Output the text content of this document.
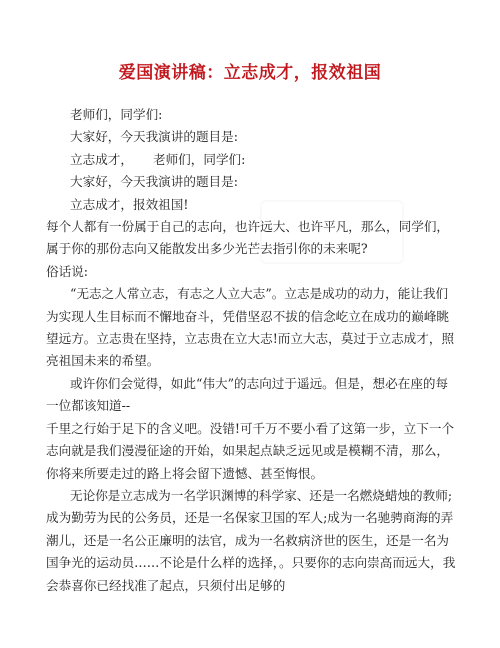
爱国演讲稿：立志成才，报效祖国

老师们，同学们:

大家好，今天我演讲的题目是:

立志成才， 老师们，同学们:

大家好，今天我演讲的题目是:

立志成才，报效祖国!

每个人都有一份属于自己的志向，也许远大、也许平凡，那么，同学们，属于你的那份志向又能散发出多少光芒去指引你的未来呢?

俗话说:

“无志之人常立志，有志之人立大志”。立志是成功的动力，能让我们为实现人生目标而不懈地奋斗，凭借坚忍不拔的信念屹立在成功的巅峰眺望远方。立志贵在坚持，立志贵在立大志!而立大志，莫过于立志成才，照亮祖国未来的希望。

或许你们会觉得，如此“伟大”的志向过于遥远。但是，想必在座的每一位都该知道--

千里之行始于足下的含义吧。没错!可千万不要小看了这第一步，立下一个志向就是我们漫漫征途的开始，如果起点缺乏远见或是模糊不清，那么，你将来所要走过的路上将会留下遗憾、甚至悔恨。

无论你是立志成为一名学识渊博的科学家、还是一名燃烧蜡烛的教师;成为勤劳为民的公务员，还是一名保家卫国的军人;成为一名驰骋商海的弄潮儿，还是一名公正廉明的法官，成为一名救病济世的医生，还是一名为国争光的运动员……不论是什么样的选择，。只要你的志向崇高而远大，我会恭喜你已经找准了起点，只须付出足够的
